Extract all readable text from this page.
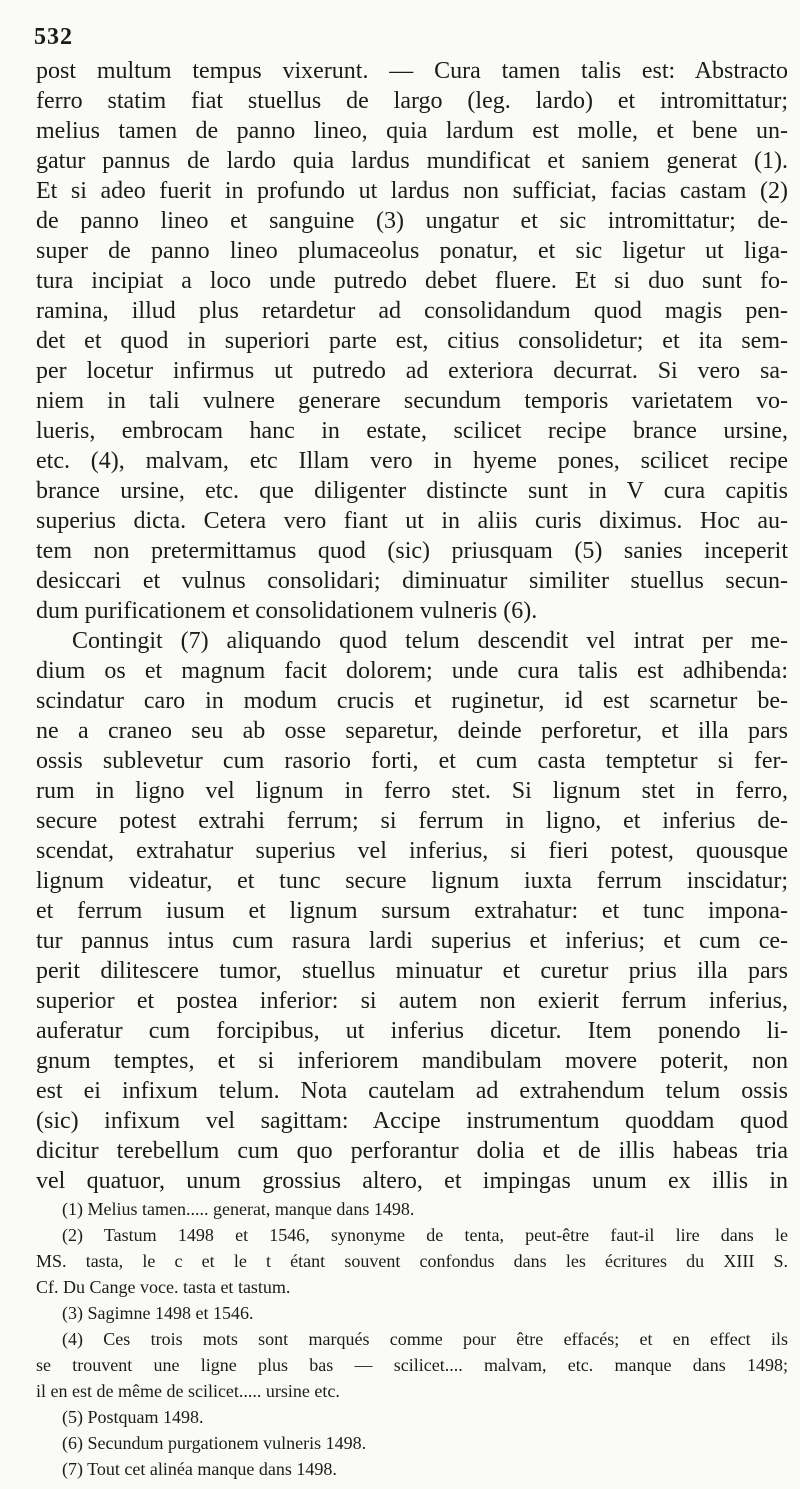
532
post multum tempus vixerunt. — Cura tamen talis est: Abstracto
ferro statim fiat stuellus de largo (leg. lardo) et intromittatur;
melius tamen de panno lineo, quia lardum est molle, et bene un-
gatur pannus de lardo quia lardus mundificat et saniem generat (1).
Et si adeo fuerit in profundo ut lardus non sufficiat, facias castam (2)
de panno lineo et sanguine (3) ungatur et sic intromittatur; de-
super de panno lineo plumaceolus ponatur, et sic ligetur ut liga-
tura incipiat a loco unde putredo debet fluere. Et si duo sunt fo-
ramina, illud plus retardetur ad consolidandum quod magis pen-
det et quod in superiori parte est, citius consolidetur; et ita sem-
per locetur infirmus ut putredo ad exteriora decurrat. Si vero sa-
niem in tali vulnere generare secundum temporis varietatem vo-
lueris, embrocam hanc in estate, scilicet recipe brance ursine,
etc. (4), malvam, etc Illam vero in hyeme pones, scilicet recipe
brance ursine, etc. que diligenter distincte sunt in V cura capitis
superius dicta. Cetera vero fiant ut in aliis curis diximus. Hoc au-
tem non pretermittamus quod (sic) priusquam (5) sanies inceperit
desiccari et vulnus consolidari; diminuatur similiter stuellus secun-
dum purificationem et consolidationem vulneris (6).
Contingit (7) aliquando quod telum descendit vel intrat per me-
dium os et magnum facit dolorem; unde cura talis est adhibenda:
scindatur caro in modum crucis et ruginetur, id est scarnetur be-
ne a craneo seu ab osse separetur, deinde perforetur, et illa pars
ossis sublevetur cum rasorio forti, et cum casta temptetur si fer-
rum in ligno vel lignum in ferro stet. Si lignum stet in ferro,
secure potest extrahi ferrum; si ferrum in ligno, et inferius de-
scendat, extrahatur superius vel inferius, si fieri potest, quousque
lignum videatur, et tunc secure lignum iuxta ferrum inscidatur;
et ferrum iusum et lignum sursum extrahatur: et tunc impona-
tur pannus intus cum rasura lardi superius et inferius; et cum ce-
perit dilitescere tumor, stuellus minuatur et curetur prius illa pars
superior et postea inferior: si autem non exierit ferrum inferius,
auferatur cum forcipibus, ut inferius dicetur. Item ponendo li-
gnum temptes, et si inferiorem mandibulam movere poterit, non
est ei infixum telum. Nota cautelam ad extrahendum telum ossis
(sic) infixum vel sagittam: Accipe instrumentum quoddam quod
dicitur terebellum cum quo perforantur dolia et de illis habeas tria
vel quatuor, unum grossius altero, et impingas unum ex illis in
(1) Melius tamen..... generat, manque dans 1498.
(2) Tastum 1498 et 1546, synonyme de tenta, peut-être faut-il lire dans le
MS. tasta, le c et le t étant souvent confondus dans les écritures du XIII S.
Cf. Du Cange voce. tasta et tastum.
(3) Sagimne 1498 et 1546.
(4) Ces trois mots sont marqués comme pour être effacés; et en effect ils
se trouvent une ligne plus bas — scilicet.... malvam, etc. manque dans 1498;
il en est de même de scilicet..... ursine etc.
(5) Postquam 1498.
(6) Secundum purgationem vulneris 1498.
(7) Tout cet alinéa manque dans 1498.
